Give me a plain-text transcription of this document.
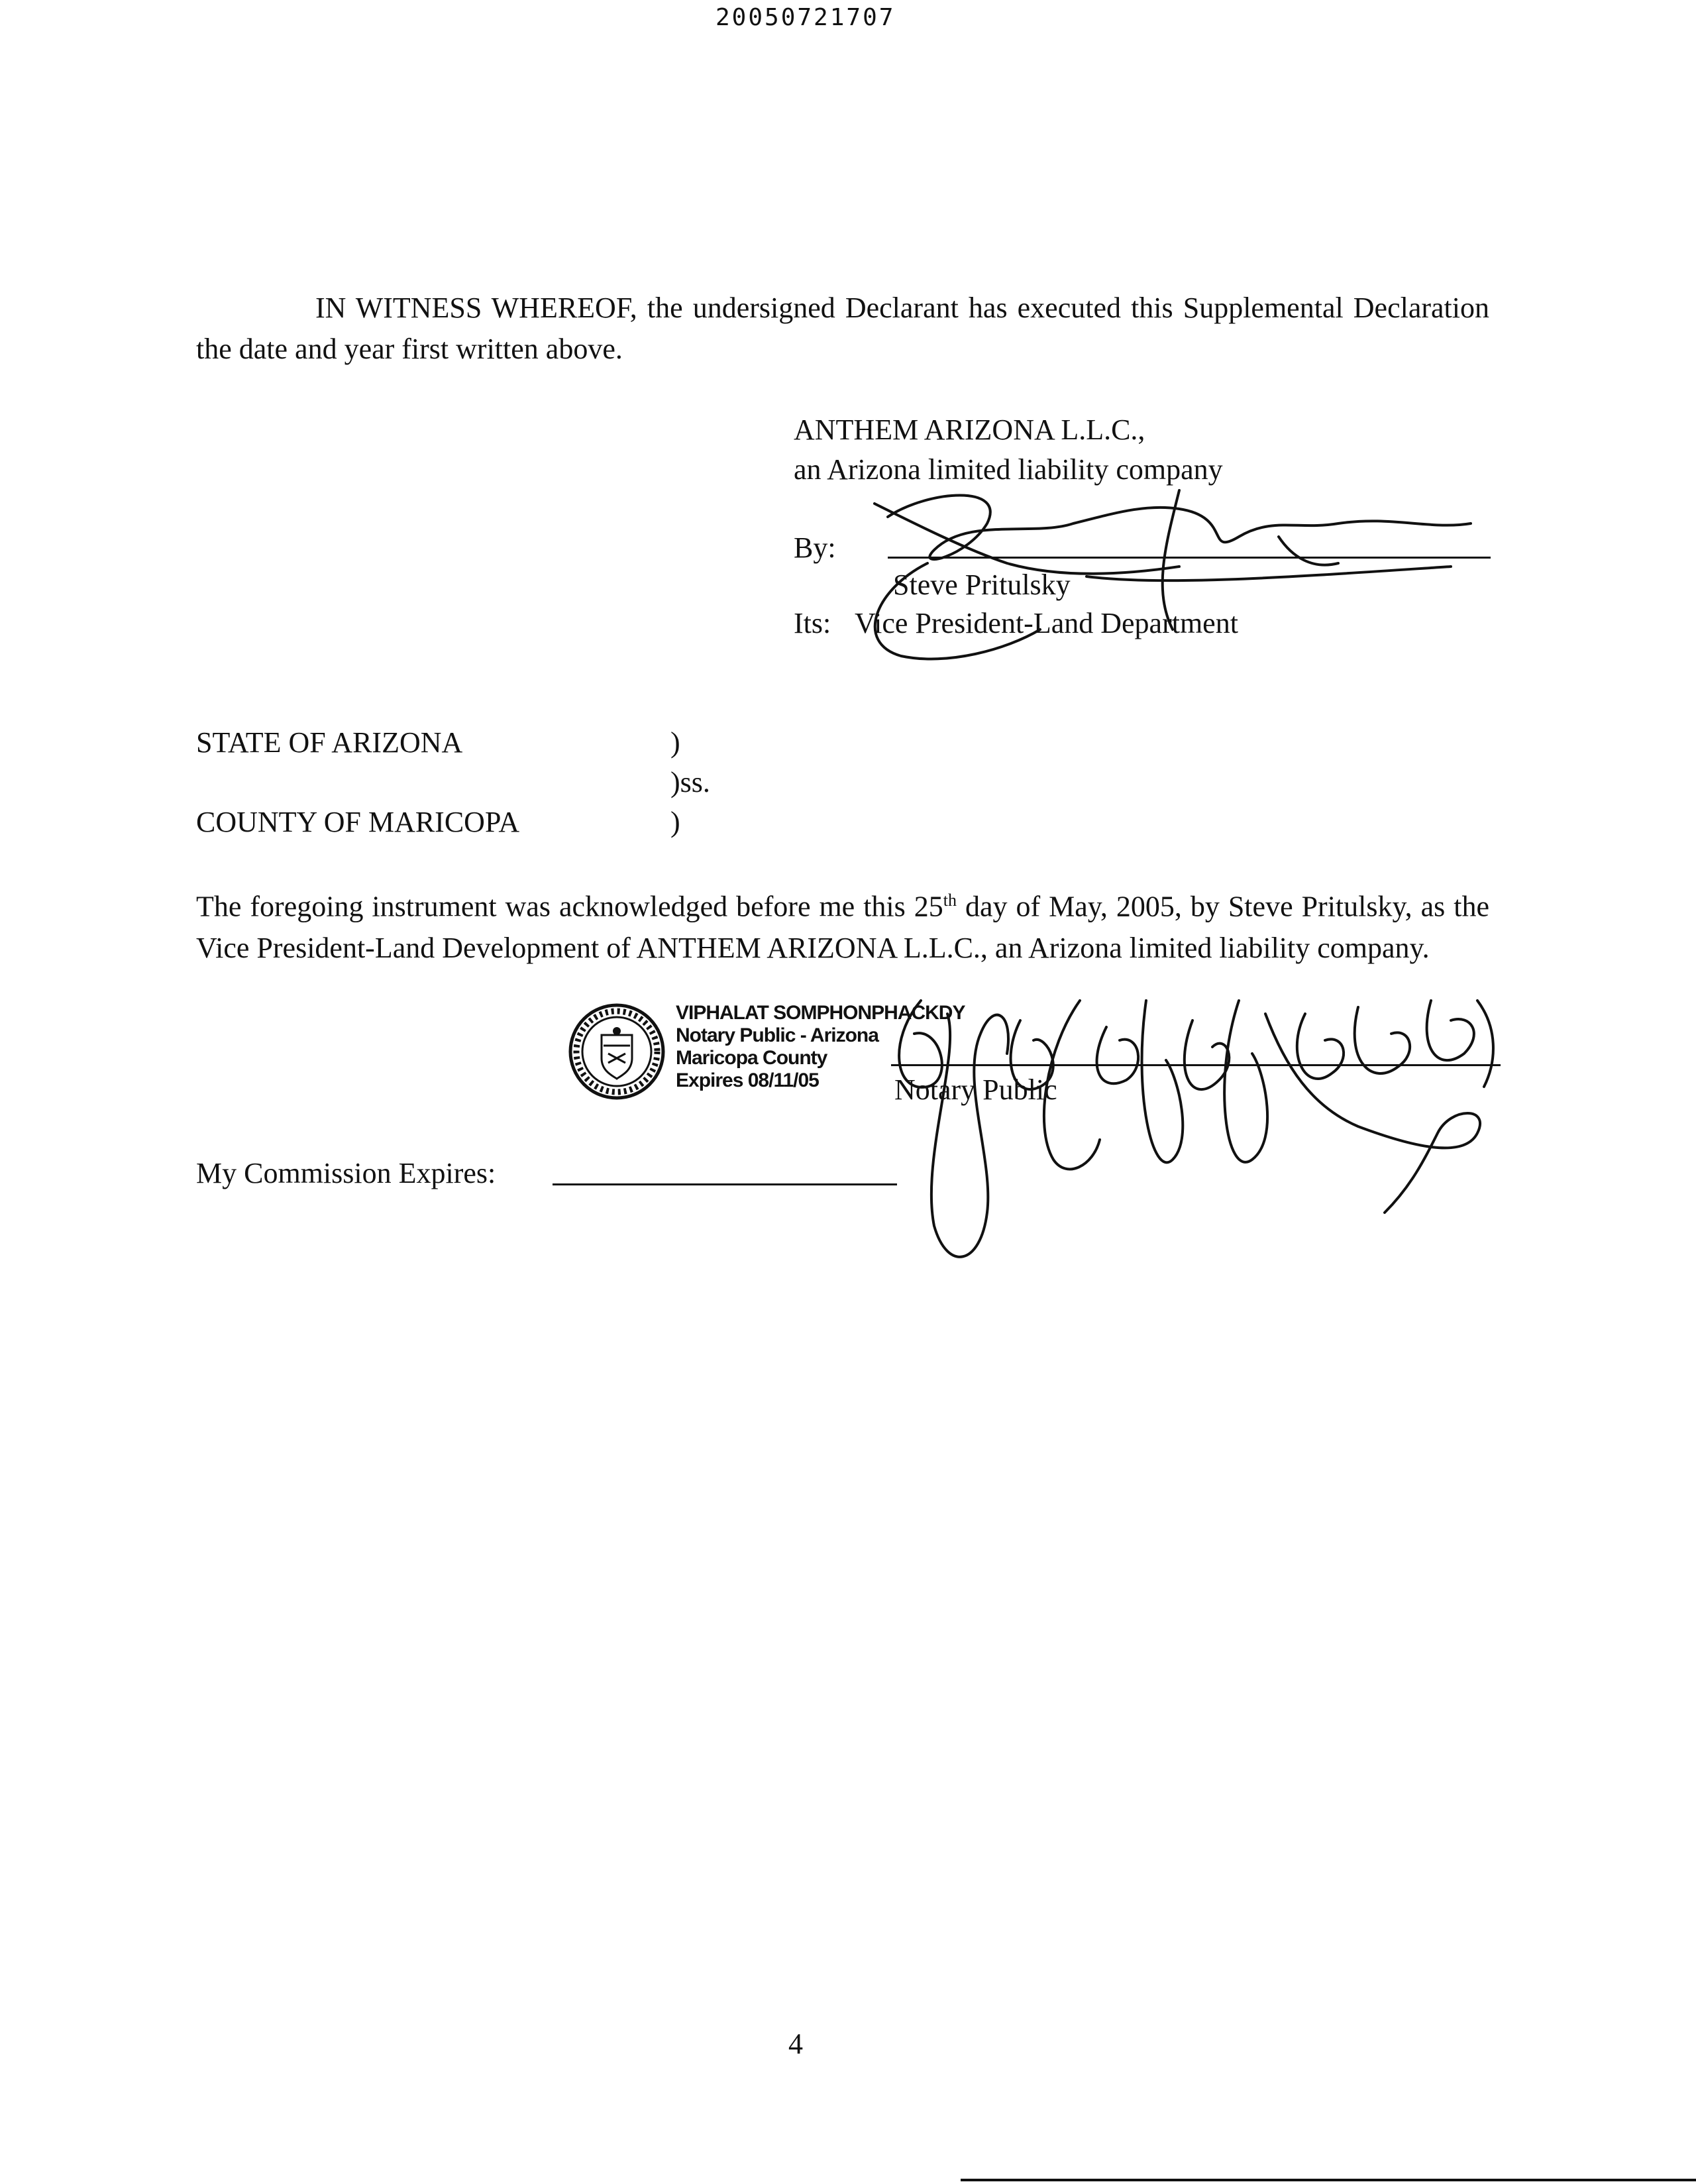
20050721707
IN WITNESS WHEREOF, the undersigned Declarant has executed this Supplemental Declaration the date and year first written above.
ANTHEM ARIZONA L.L.C.,
an Arizona limited liability company
By:
Steve Pritulsky
Its: Vice President-Land Department
STATE OF ARIZONA	)
)ss.
COUNTY OF MARICOPA	)
The foregoing instrument was acknowledged before me this 25th day of May, 2005, by Steve Pritulsky, as the Vice President-Land Development of ANTHEM ARIZONA L.L.C., an Arizona limited liability company.
VIPHALAT SOMPHONPHACKDY
Notary Public - Arizona
Maricopa County
Expires 08/11/05	Notary Public
My Commission Expires:
4
